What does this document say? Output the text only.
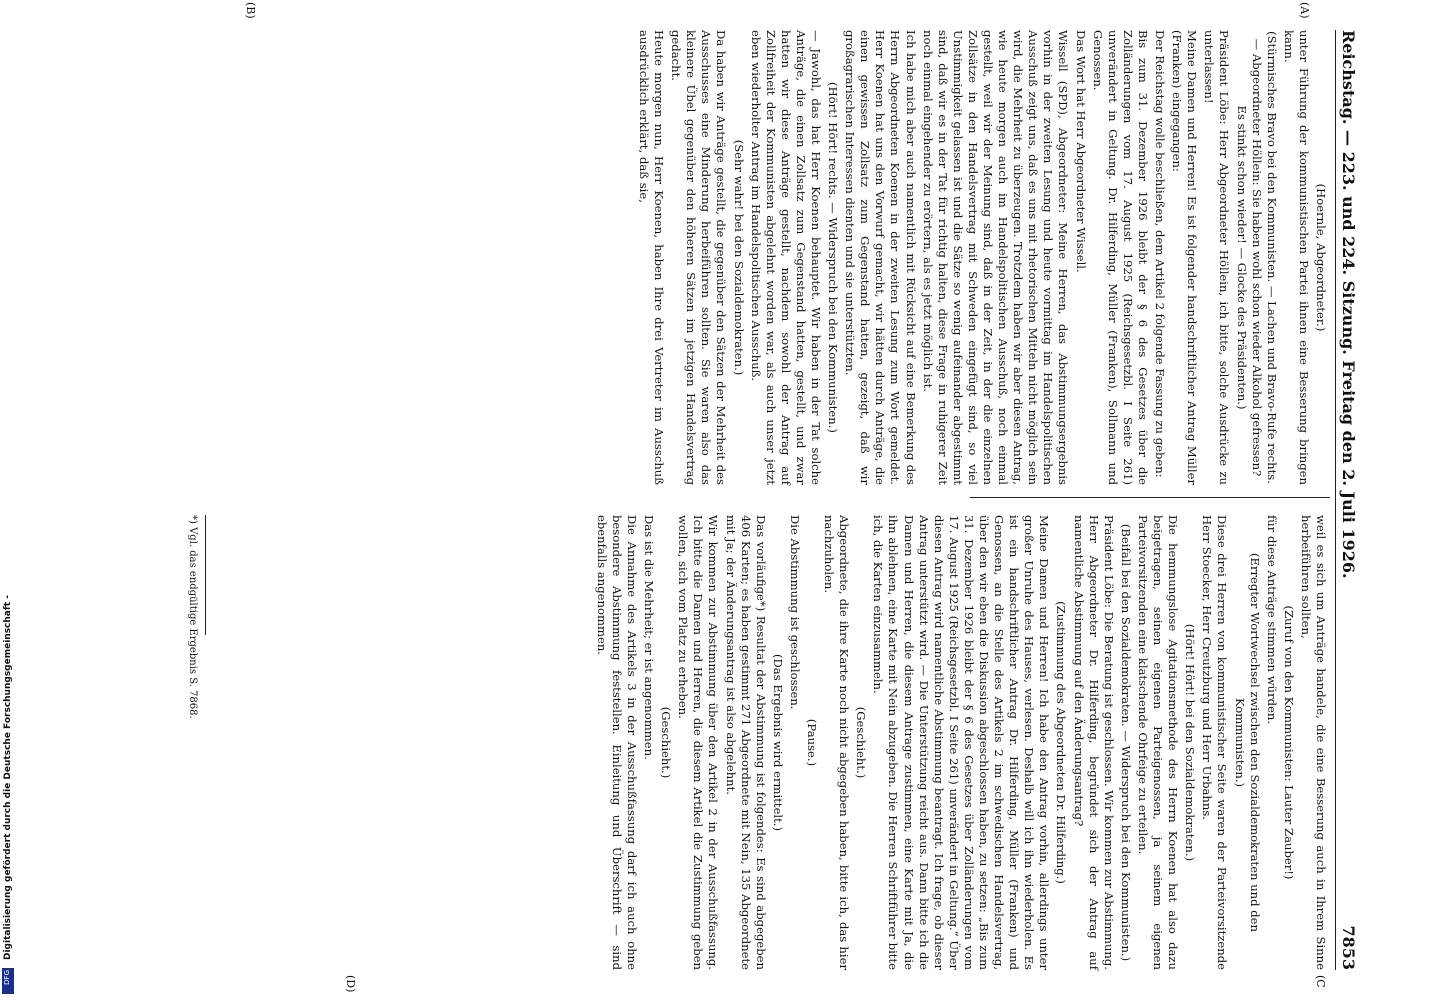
Reichstag. — 223. und 224. Sitzung. Freitag den 2. Juli 1926.
7853
(A)
(B)
(C
(D)

(Hoernle, Abgeordneter.)

unter Führung der kommunistischen Partei ihnen eine Besserung bringen kann.

(Stürmisches Bravo bei den Kommunisten. — Lachen und Bravo-Rufe rechts. — Abgeordneter Höllein: Sie haben wohl schon wieder Alkohol gefressen? Es stinkt schon wieder! — Glocke des Präsidenten.)

Präsident Löbe: Herr Abgeordneter Höllein, ich bitte, solche Ausdrücke zu unterlassen!

Meine Damen und Herren! Es ist folgender handschriftlicher Antrag Müller (Franken) eingegangen:

Der Reichstag wolle beschließen, dem Artikel 2 folgende Fassung zu geben:

Bis zum 31. Dezember 1926 bleibt der § 6 des Gesetzes über die Zolländerungen vom 17. August 1925 (Reichsgesetzbl. I Seite 261) unverändert in Geltung. Dr. Hilferding, Müller (Franken), Sollmann und Genossen.

Das Wort hat Herr Abgeordneter Wissell.

Wissell (SPD), Abgeordneter: Meine Herren, das Abstimmungsergebnis vorhin in der zweiten Lesung und heute vormittag im Handelspolitischen Ausschuß zeigt uns, daß es uns mit rhetorischen Mitteln nicht möglich sein wird, die Mehrheit zu überzeugen. Trotzdem haben wir aber diesen Antrag, wie heute morgen auch im Handelspolitischen Ausschuß, noch einmal gestellt, weil wir der Meinung sind, daß in der Zeit, in der die einzelnen Zollsätze in den Handelsvertrag mit Schweden eingefügt sind, so viel Unstimmigkeit gelassen ist und die Sätze so wenig aufeinander abgestimmt sind, daß wir es in der Tat für richtig halten, diese Frage in ruhigerer Zeit noch einmal eingehender zu erörtern, als es jetzt möglich ist.

Ich habe mich aber auch namentlich mit Rücksicht auf eine Bemerkung des Herrn Abgeordneten Koenen in der zweiten Lesung zum Wort gemeldet. Herr Koenen hat uns den Vorwurf gemacht, wir hätten durch Anträge, die einen gewissen Zollsatz zum Gegenstand hatten, gezeigt, daß wir großagrarischen Interessen dienten und sie unterstützten.

(Hört! Hört! rechts. — Widerspruch bei den Kommunisten.)

— Jawohl, das hat Herr Koenen behauptet. Wir haben in der Tat solche Anträge, die einen Zollsatz zum Gegenstand hatten, gestellt, und zwar hatten wir diese Anträge gestellt, nachdem sowohl der Antrag auf Zollfreiheit der Kommunisten abgelehnt worden war, als auch unser jetzt eben wiederholter Antrag im Handelspolitischen Ausschuß.

(Sehr wahr! bei den Sozialdemokraten.)

Da haben wir Anträge gestellt, die gegenüber den Sätzen der Mehrheit des Ausschusses eine Minderung herbeiführen sollten. Sie waren also das kleinere Übel gegenüber den höheren Sätzen im jetzigen Handelsvertrag gedacht.

Heute morgen nun, Herr Koenen, haben Ihre drei Vertreter im Ausschuß ausdrücklich erklärt, daß sie,

weil es sich um Anträge handele, die eine Besserung auch in Ihrem Sinne herbeiführen sollten,

(Zuruf von den Kommunisten: Lauter Zauber!)

für diese Anträge stimmen würden.

(Erregter Wortwechsel zwischen den Sozialdemokraten und den Kommunisten.)

Diese drei Herren von kommunistischer Seite waren der Parteivorsitzende Herr Stoecker, Herr Creutzburg und Herr Urbahns.

(Hört! Hört! bei den Sozialdemokraten.)

Die hemmungslose Agitationsmethode des Herrn Koenen hat also dazu beigetragen, seinen eigenen Parteigenossen, ja seinem eigenen Parteivorsitzenden eine klatschende Ohrfeige zu erteilen.

(Beifall bei den Sozialdemokraten. — Widerspruch bei den Kommunisten.)

Präsident Löbe: Die Beratung ist geschlossen. Wir kommen zur Abstimmung. Herr Abgeordneter Dr. Hilferding, begründet sich der Antrag auf namentliche Abstimmung auf den Änderungsantrag?

(Zustimmung des Abgeordneten Dr. Hilferding.)

Meine Damen und Herren! Ich habe den Antrag vorhin, allerdings unter großer Unruhe des Hauses, verlesen. Deshalb will ich ihn wiederholen. Es ist ein handschriftlicher Antrag Dr. Hilferding, Müller (Franken) und Genossen, an die Stelle des Artikels 2 im schwedischen Handelsvertrag, über den wir eben die Diskussion abgeschlossen haben, zu setzen: „Bis zum 31. Dezember 1926 bleibt der § 6 des Gesetzes über Zolländerungen vom 17. August 1925 (Reichsgesetzbl. I Seite 261) unverändert in Geltung.“ Über diesen Antrag wird namentliche Abstimmung beantragt. Ich frage, ob dieser Antrag unterstützt wird. — Die Unterstützung reicht aus. Dann bitte ich die Damen und Herren, die diesem Antrage zustimmen, eine Karte mit Ja, die ihn ablehnen, eine Karte mit Nein abzugeben. Die Herren Schriftführer bitte ich, die Karten einzusammeln.

(Geschieht.)

Abgeordnete, die ihre Karte noch nicht abgegeben haben, bitte ich, das hier nachzuholen.

(Pause.)

Die Abstimmung ist geschlossen.

(Das Ergebnis wird ermittelt.)

Das vorläufige*) Resultat der Abstimmung ist folgendes: Es sind abgegeben 406 Karten; es haben gestimmt 271 Abgeordnete mit Nein, 135 Abgeordnete mit Ja; der Änderungsantrag ist also abgelehnt.

Wir kommen zur Abstimmung über den Artikel 2 in der Ausschußfassung. Ich bitte die Damen und Herren, die diesem Artikel die Zustimmung geben wollen, sich vom Platz zu erheben.

(Geschieht.)

Das ist die Mehrheit; er ist angenommen.

Die Annahme des Artikels 3 in der Ausschußfassung darf ich auch ohne besondere Abstimmung feststellen. Einleitung und Überschrift — sind ebenfalls angenommen.

*) Vgl. das endgültige Ergebnis S. 7868.
DFG
Digitalisierung gefördert durch die Deutsche Forschungsgemeinschaft -
